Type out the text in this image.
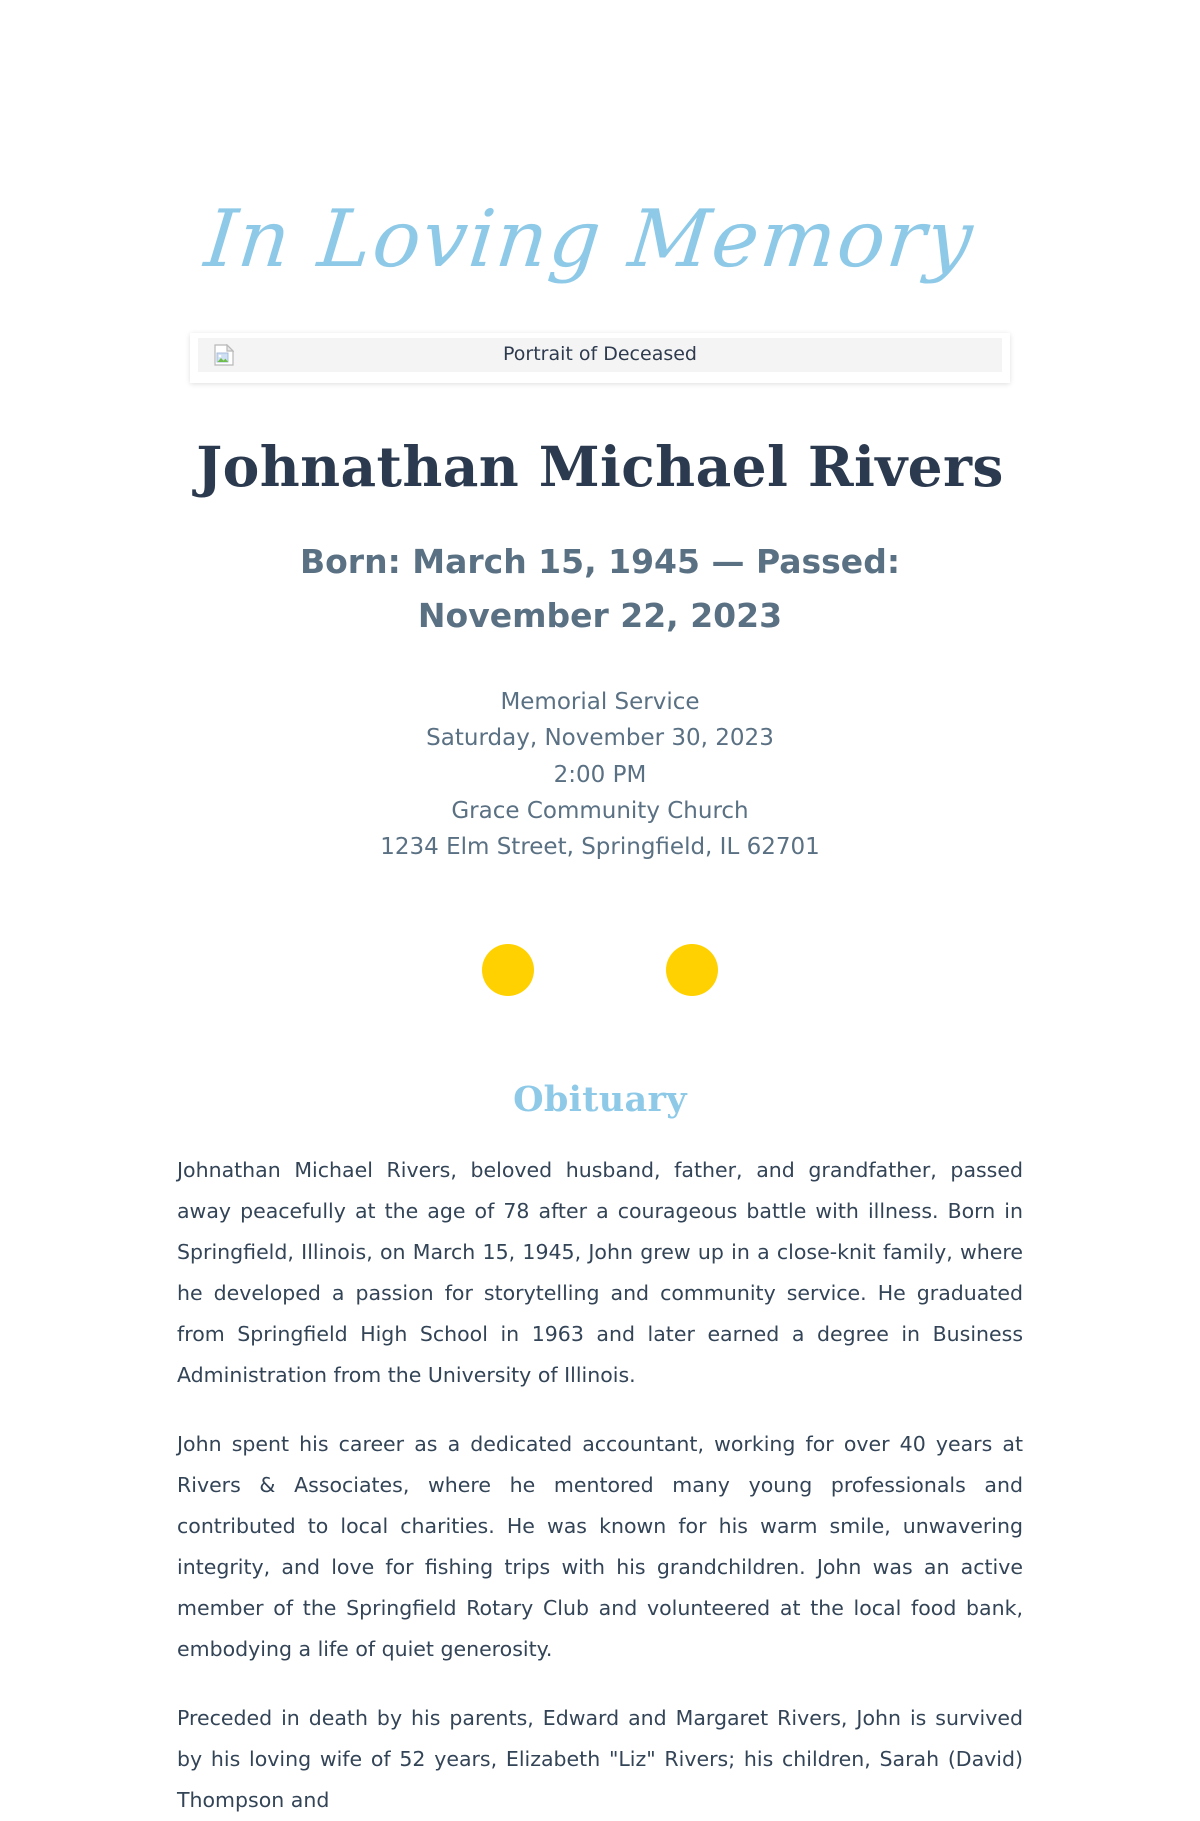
In Loving Memory
Portrait of Deceased
Johnathan Michael Rivers
Born: March 15, 1945 — Passed: November 22, 2023

Memorial Service

Saturday, November 30, 2023

2:00 PM

Grace Community Church

1234 Elm Street, Springfield, IL 62701

Obituary

Johnathan Michael Rivers, beloved husband, father, and grandfather, passed away peacefully at the age of 78 after a courageous battle with illness. Born in Springfield, Illinois, on March 15, 1945, John grew up in a close-knit family, where he developed a passion for storytelling and community service. He graduated from Springfield High School in 1963 and later earned a degree in Business Administration from the University of Illinois.

John spent his career as a dedicated accountant, working for over 40 years at Rivers & Associates, where he mentored many young professionals and contributed to local charities. He was known for his warm smile, unwavering integrity, and love for fishing trips with his grandchildren. John was an active member of the Springfield Rotary Club and volunteered at the local food bank, embodying a life of quiet generosity.

Preceded in death by his parents, Edward and Margaret Rivers, John is survived by his loving wife of 52 years, Elizabeth "Liz" Rivers; his children, Sarah (David) Thompson and
